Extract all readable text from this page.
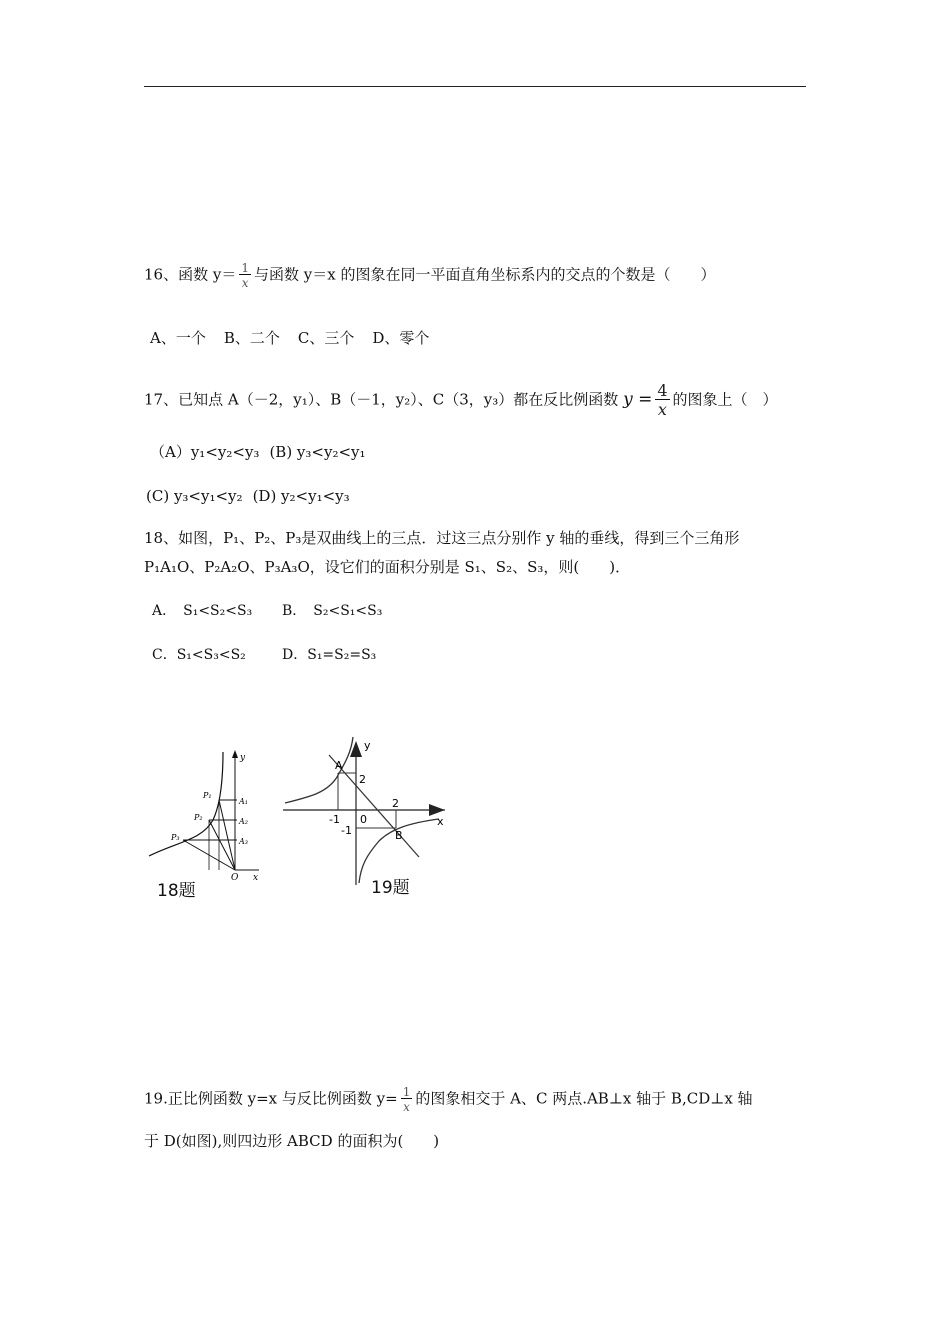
16、函数 $y= \frac{1}{x}$ 与函数 y＝x 的图象在同一平面直角坐标系内的交点的个数是（　　）
A、一个 B、二个 C、三个 D、零个
17、已知点 A（－2，y₁）、B（－1，y₂）、C（3，y₃）都在反比例函数 $y = \frac{4}{x}$ 的图象上（　）
（A）y₁<y₂<y₃ (B) y₃<y₂<y₁
(C) y₃<y₁<y₂ (D) y₂<y₁<y₃
18、如图，P₁、P₂、P₃是双曲线上的三点．过这三点分别作 y 轴的垂线，得到三个三角形
P₁A₁O、P₂A₂O、P₃A₃O，设它们的面积分别是 S₁、S₂、S₃，则(　　)．
A．　S₁<S₂<S₃ B．　S₂<S₁<S₃
C．S₁<S₃<S₂	D．S₁=S₂=S₃
y
x
O
P₁
P₂
P₃
A₁
A₂
A₃
18题
y
x
A
B
2
-1 0
2
-1
19题
19.正比例函数 y=x 与反比例函数 $y= \frac{1}{x}$ 的图象相交于 A、C 两点.AB⊥x 轴于 B,CD⊥x 轴
于 D(如图),则四边形 ABCD 的面积为(　　)
